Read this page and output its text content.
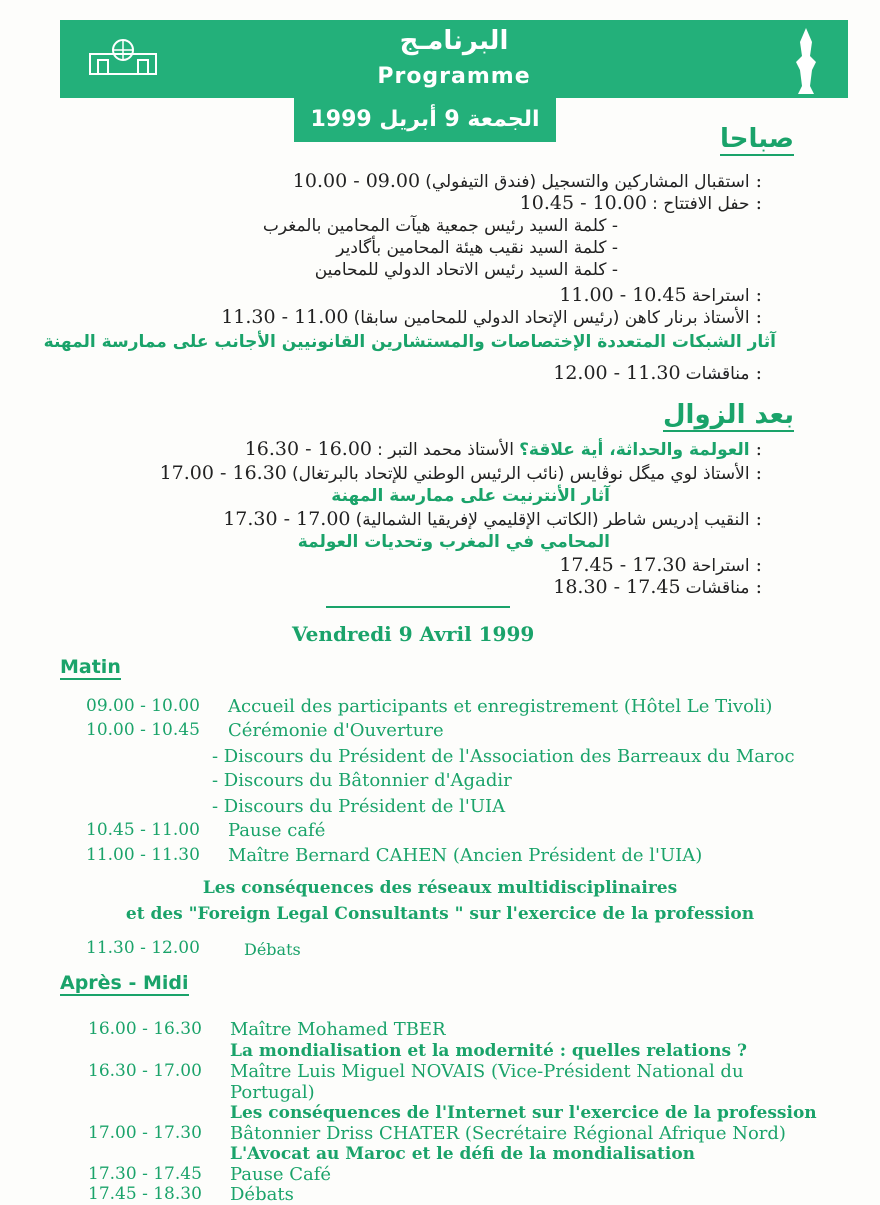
البرنامـج
Programme
الجمعة 9 أبريل 1999
صباحا
استقبال المشاركين والتسجيل (فندق التيفولي) 09.00 - 10.00 :
حفل الافتتاح : 10.00 - 10.45 :
- كلمة السيد رئيس جمعية هيآت المحامين بالمغرب
- كلمة السيد نقيب هيئة المحامين بأگادير
- كلمة السيد رئيس الاتحاد الدولي للمحامين
استراحة 10.45 - 11.00 :
الأستاذ برنار كاهن (رئيس الإتحاد الدولي للمحامين سابقا) 11.00 - 11.30 :
آثار الشبكات المتعددة الإختصاصات والمستشارين القانونيين الأجانب على ممارسة المهنة
مناقشات 11.30 - 12.00 :
بعد الزوال
العولمة والحداثة، أية علاقة؟ الأستاذ محمد التبر : 16.00 - 16.30 :
الأستاذ لوي ميگل نوڤايس (نائب الرئيس الوطني للإتحاد بالبرتغال) 16.30 - 17.00 :
آثار الأنترنيت على ممارسة المهنة
النقيب إدريس شاطر (الكاتب الإقليمي لإفريقيا الشمالية) 17.00 - 17.30 :
المحامي في المغرب وتحديات العولمة
استراحة 17.30 - 17.45 :
مناقشات 17.45 - 18.30 :
Vendredi 9 Avril 1999
Matin
09.00 - 10.00 Accueil des participants et enregistrement (Hôtel Le Tivoli)
10.00 - 10.45 Cérémonie d'Ouverture
- Discours du Président de l'Association des Barreaux du Maroc
- Discours du Bâtonnier d'Agadir
- Discours du Président de l'UIA
10.45 - 11.00 Pause café
11.00 - 11.30 Maître Bernard CAHEN (Ancien Président de l'UIA)
Les conséquences des réseaux multidisciplinaires
et des "Foreign Legal Consultants " sur l'exercice de la profession
11.30 - 12.00	Débats
Après - Midi
16.00 - 16.30 Maître Mohamed TBER
La mondialisation et la modernité : quelles relations ?
16.30 - 17.00 Maître Luis Miguel NOVAIS (Vice-Président National du
Portugal)
Les conséquences de l'Internet sur l'exercice de la profession
17.00 - 17.30 Bâtonnier Driss CHATER (Secrétaire Régional Afrique Nord)
L'Avocat au Maroc et le défi de la mondialisation
17.30 - 17.45 Pause Café
17.45 - 18.30 Débats
